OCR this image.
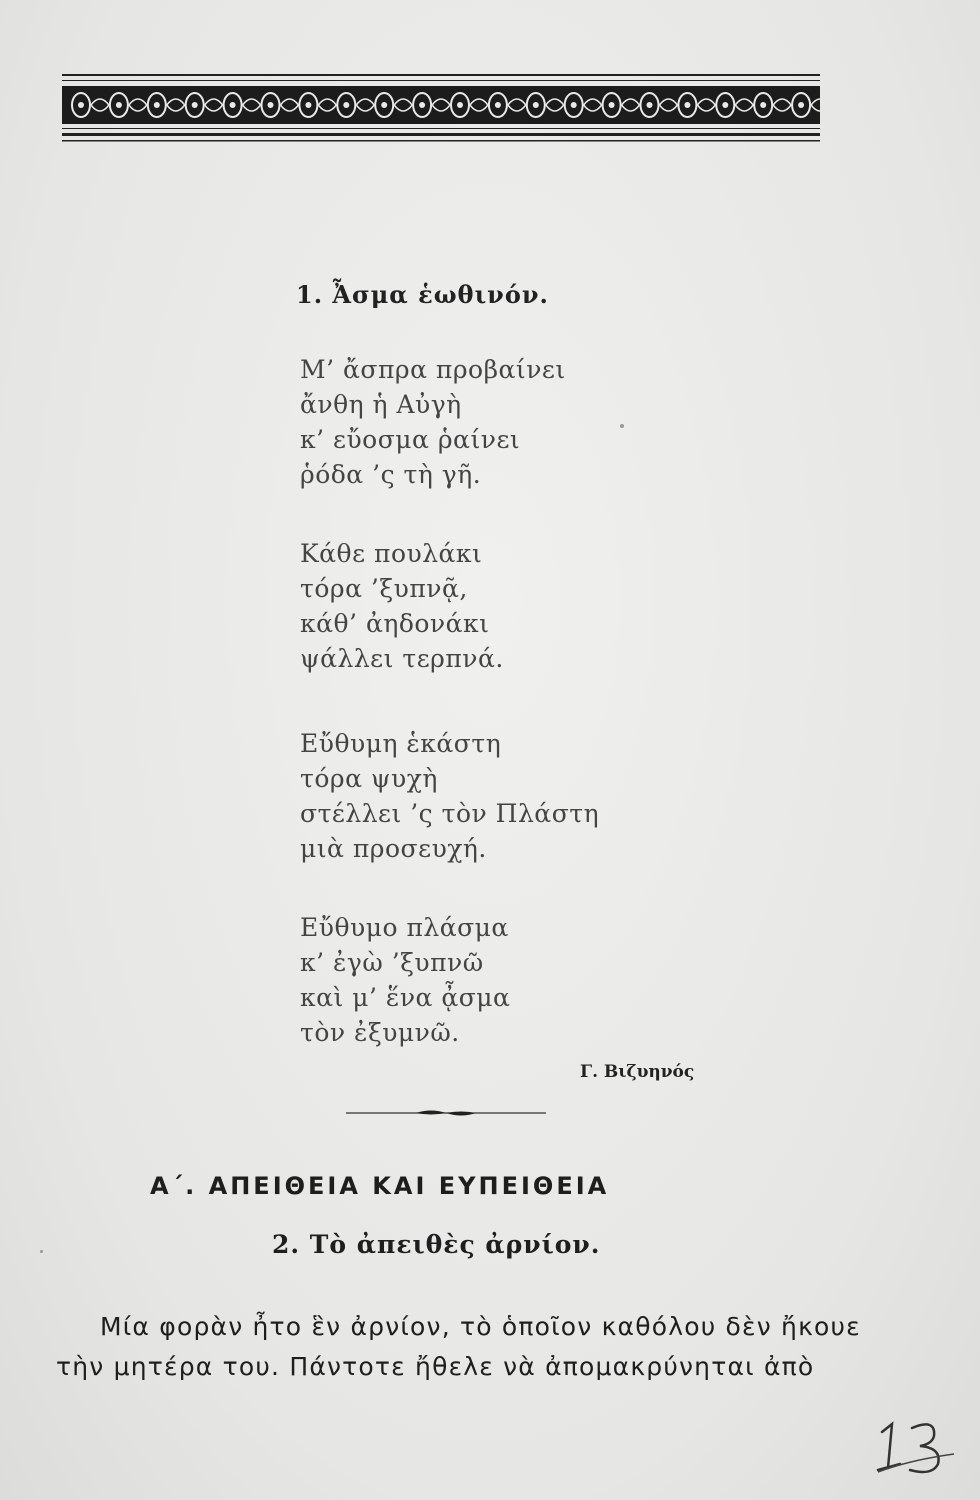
1. Ἆσμα ἑωθινόν.
Μ’ ἄσπρα προβαίνει
ἄνθη ἡ Αὐγὴ
κ’ εὔοσμα ῥαίνει
ῥόδα ’ς τὴ γῆ.
Κάθε πουλάκι
τόρα ’ξυπνᾷ,
κάθ’ ἀηδονάκι
ψάλλει τερπνά.
Εὔθυμη ἑκάστη
τόρα ψυχὴ
στέλλει ’ς τὸν Πλάστη
μιὰ προσευχή.
Εὔθυμο πλάσμα
κ’ ἐγὼ ’ξυπνῶ
καὶ μ’ ἕνα ᾆσμα
τὸν ἐξυμνῶ.

Γ. Βιζυηνός

Α΄. ΑΠΕΙΘΕΙΑ ΚΑΙ ΕΥΠΕΙΘΕΙΑ
2. Τὸ ἀπειθὲς ἀρνίον.

Μία φορὰν ἦτο ἓν ἀρνίον, τὸ ὁποῖον καθόλου δὲν ἤκουε

τὴν μητέρα του. Πάντοτε ἤθελε νὰ ἀπομακρύνηται ἀπὸ
